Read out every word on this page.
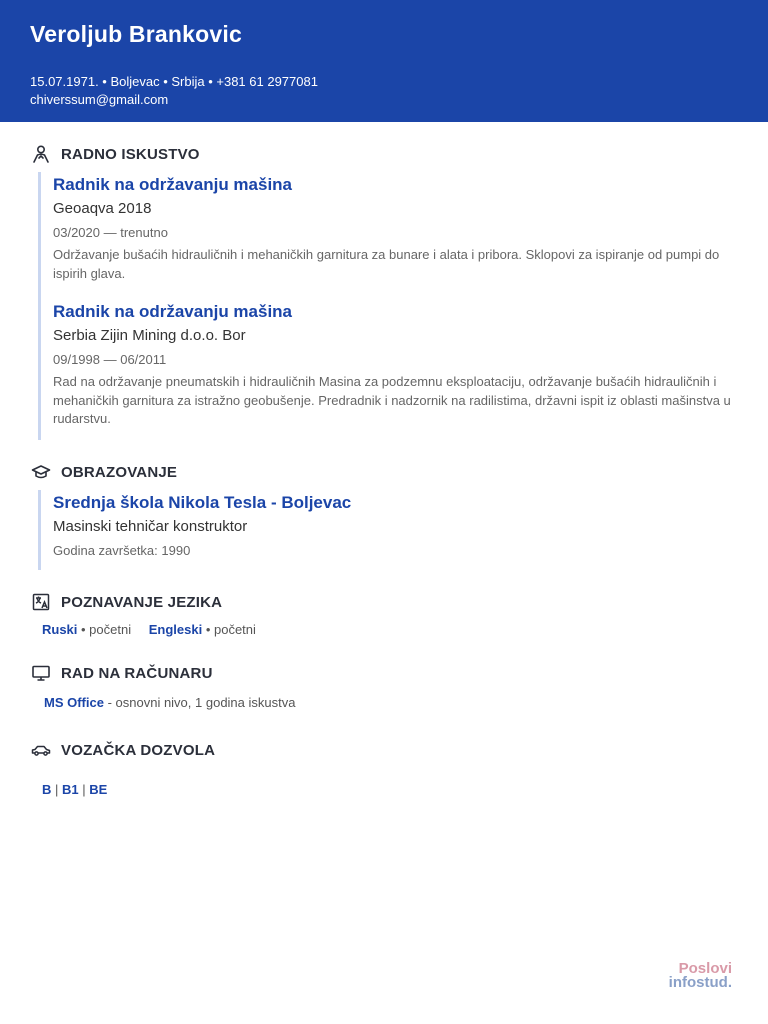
Veroljub Brankovic
15.07.1971. • Boljevac • Srbija • +381 61 2977081
chiverssum@gmail.com
RADNO ISKUSTVO
Radnik na održavanju mašina
Geoaqva 2018
03/2020 — trenutno
Održavanje bušaćih hidrauličnih i mehaničkih garnitura za bunare i alata i pribora. Sklopovi za ispiranje od pumpi do ispirih glava.
Radnik na održavanju mašina
Serbia Zijin Mining d.o.o. Bor
09/1998 — 06/2011
Rad na održavanje pneumatskih i hidrauličnih Masina za podzemnu eksploataciju, održavanje bušaćih hidrauličnih i mehaničkih garnitura za istražno geobušenje. Predradnik i nadzornik na radilistima, državni ispit iz oblasti mašinstva u rudarstvu.
OBRAZOVANJE
Srednja škola Nikola Tesla - Boljevac
Masinski tehničar konstruktor
Godina završetka: 1990
POZNAVANJE JEZIKA
Ruski • početni Engleski • početni
RAD NA RAČUNARU
MS Office - osnovni nivo, 1 godina iskustva
VOZAČKA DOZVOLA
B | B1 | BE
Poslovi
infostud.
